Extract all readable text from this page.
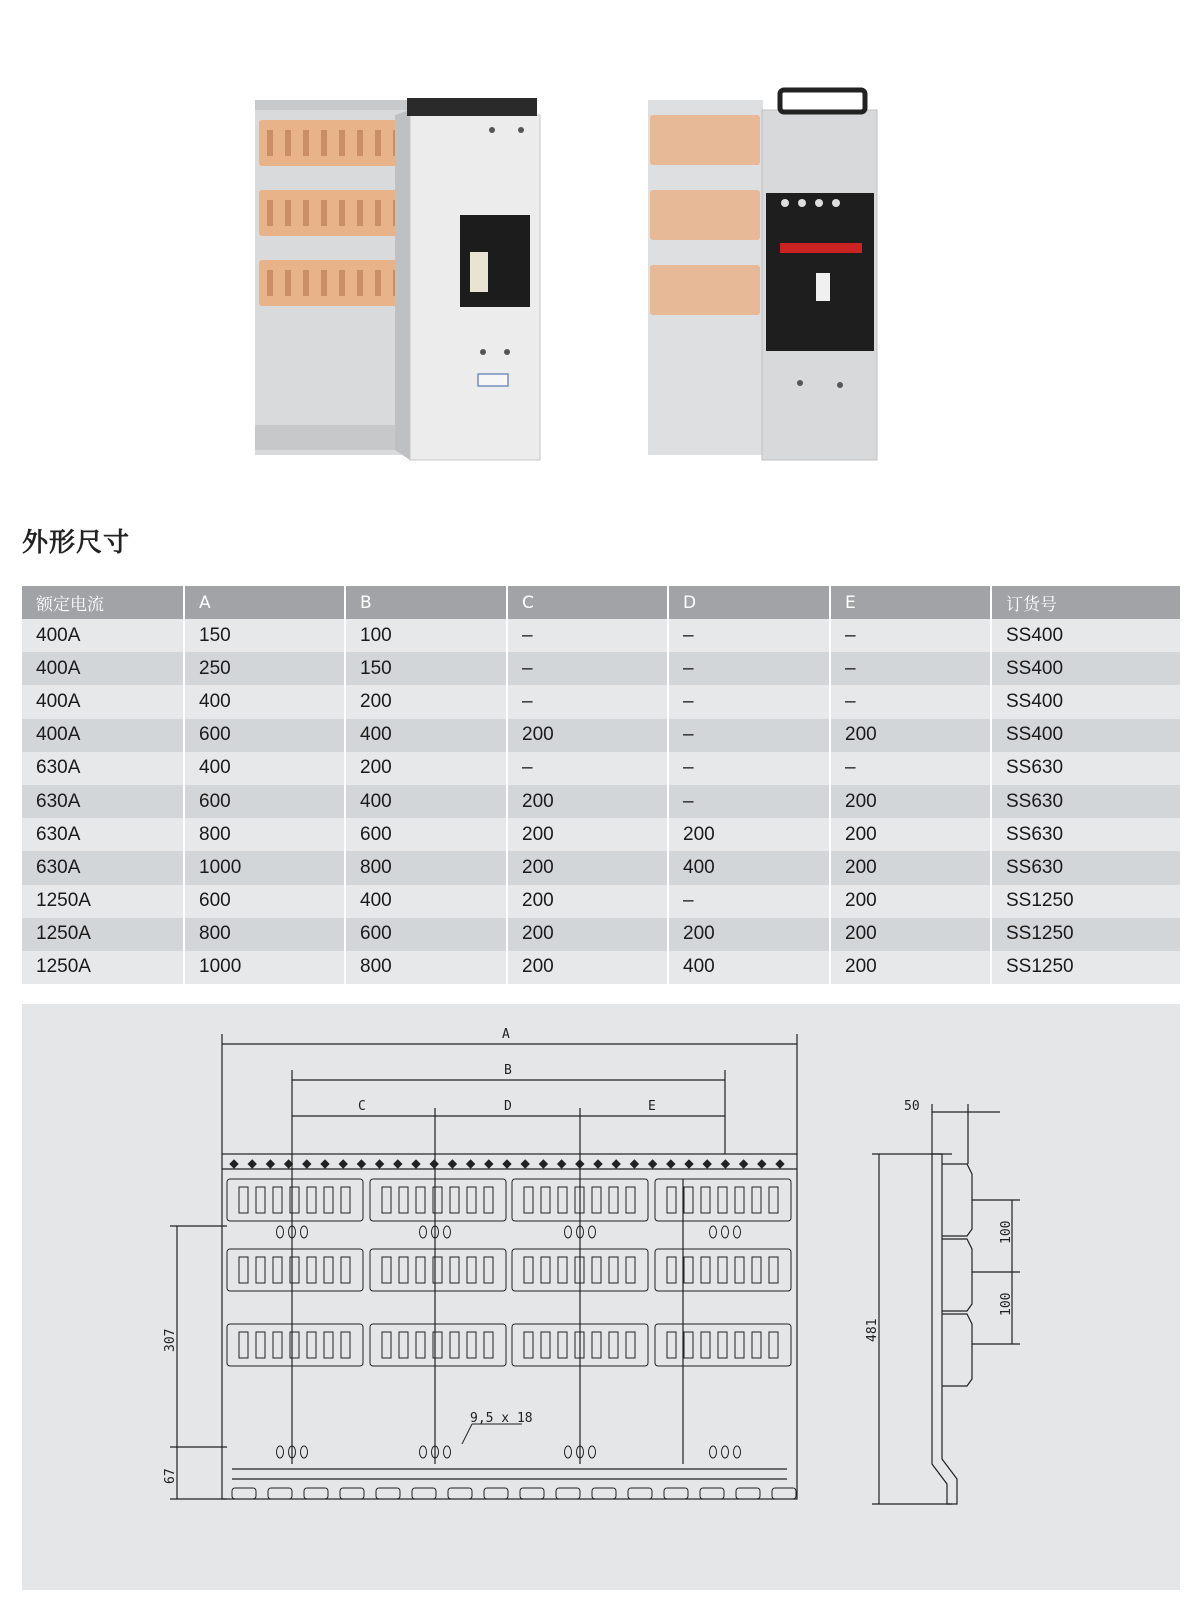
外形尺寸
额定电流	A	B	C	D	E	订货号
400A	150	100	–	–	–	SS400
400A	250	150	–	–	–	SS400
400A	400	200	–	–	–	SS400
400A	600	400	200	–	200	SS400
630A	400	200	–	–	–	SS630
630A	600	400	200	–	200	SS630
630A	800	600	200	200	200	SS630
630A	1000	800	200	400	200	SS630
1250A	600	400	200	–	200	SS1250
1250A	800	600	200	200	200	SS1250
1250A	1000	800	200	400	200	SS1250
A
B
C	D	E	50
100
100
481
307
67
9,5 x 18
